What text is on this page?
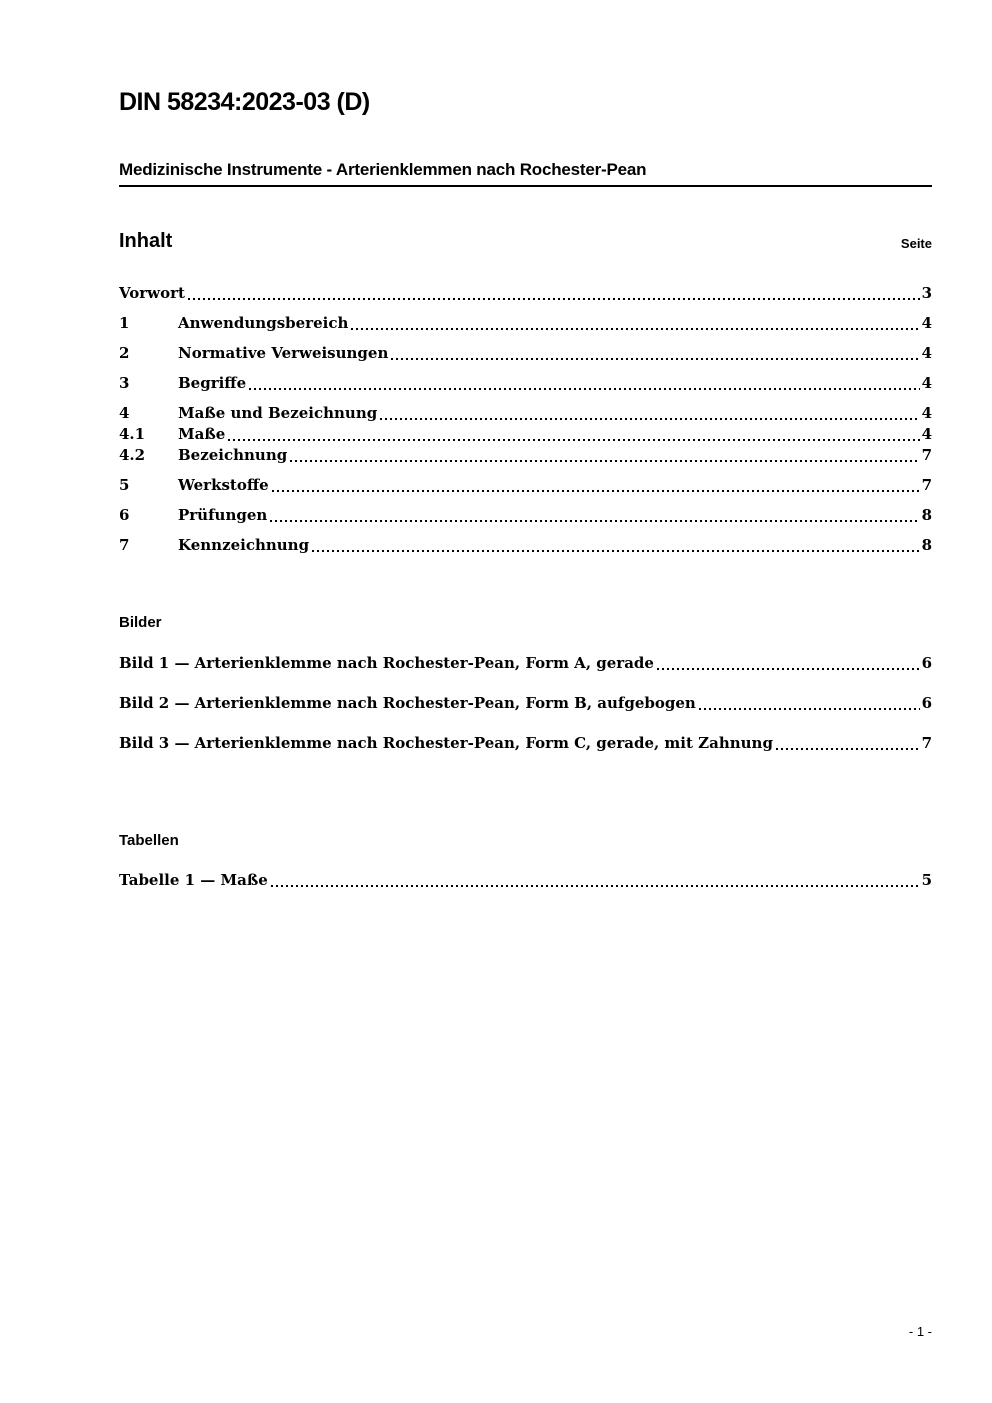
DIN 58234:2023-03 (D)
Medizinische Instrumente - Arterienklemmen nach Rochester-Pean
Inhalt	Seite
Vorwort	3
1	Anwendungsbereich	4
2	Normative Verweisungen	4
3	Begriffe	4
4	Maße und Bezeichnung	4
4.1	Maße	4
4.2	Bezeichnung	7
5	Werkstoffe	7
6	Prüfungen	8
7	Kennzeichnung	8
Bilder
Bild 1 — Arterienklemme nach Rochester-Pean, Form A, gerade	6
Bild 2 — Arterienklemme nach Rochester-Pean, Form B, aufgebogen	6
Bild 3 — Arterienklemme nach Rochester-Pean, Form C, gerade, mit Zahnung	7
Tabellen
Tabelle 1 — Maße	5
- 1 -
